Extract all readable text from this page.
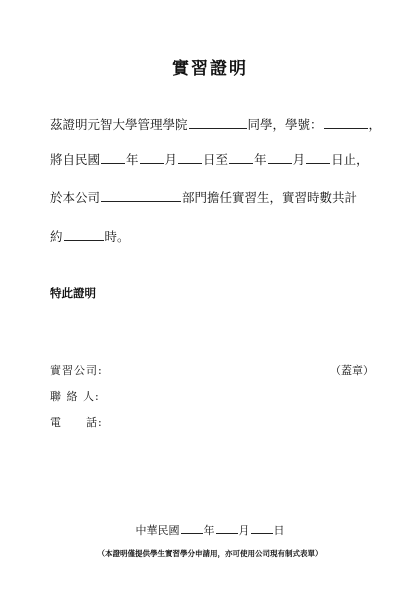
實習證明
茲證明元智大學管理學院	同學，學號：	，
將自民國 年 月 日至 年 月 日止，
於本公司	部門擔任實習生，實習時數共計
約	時。
特此證明
實習公司:	（蓋章）
聯 絡 人:
電　　話:
中華民國 年 月 日
（本證明僅提供學生實習學分申請用，亦可使用公司現有制式表單）
